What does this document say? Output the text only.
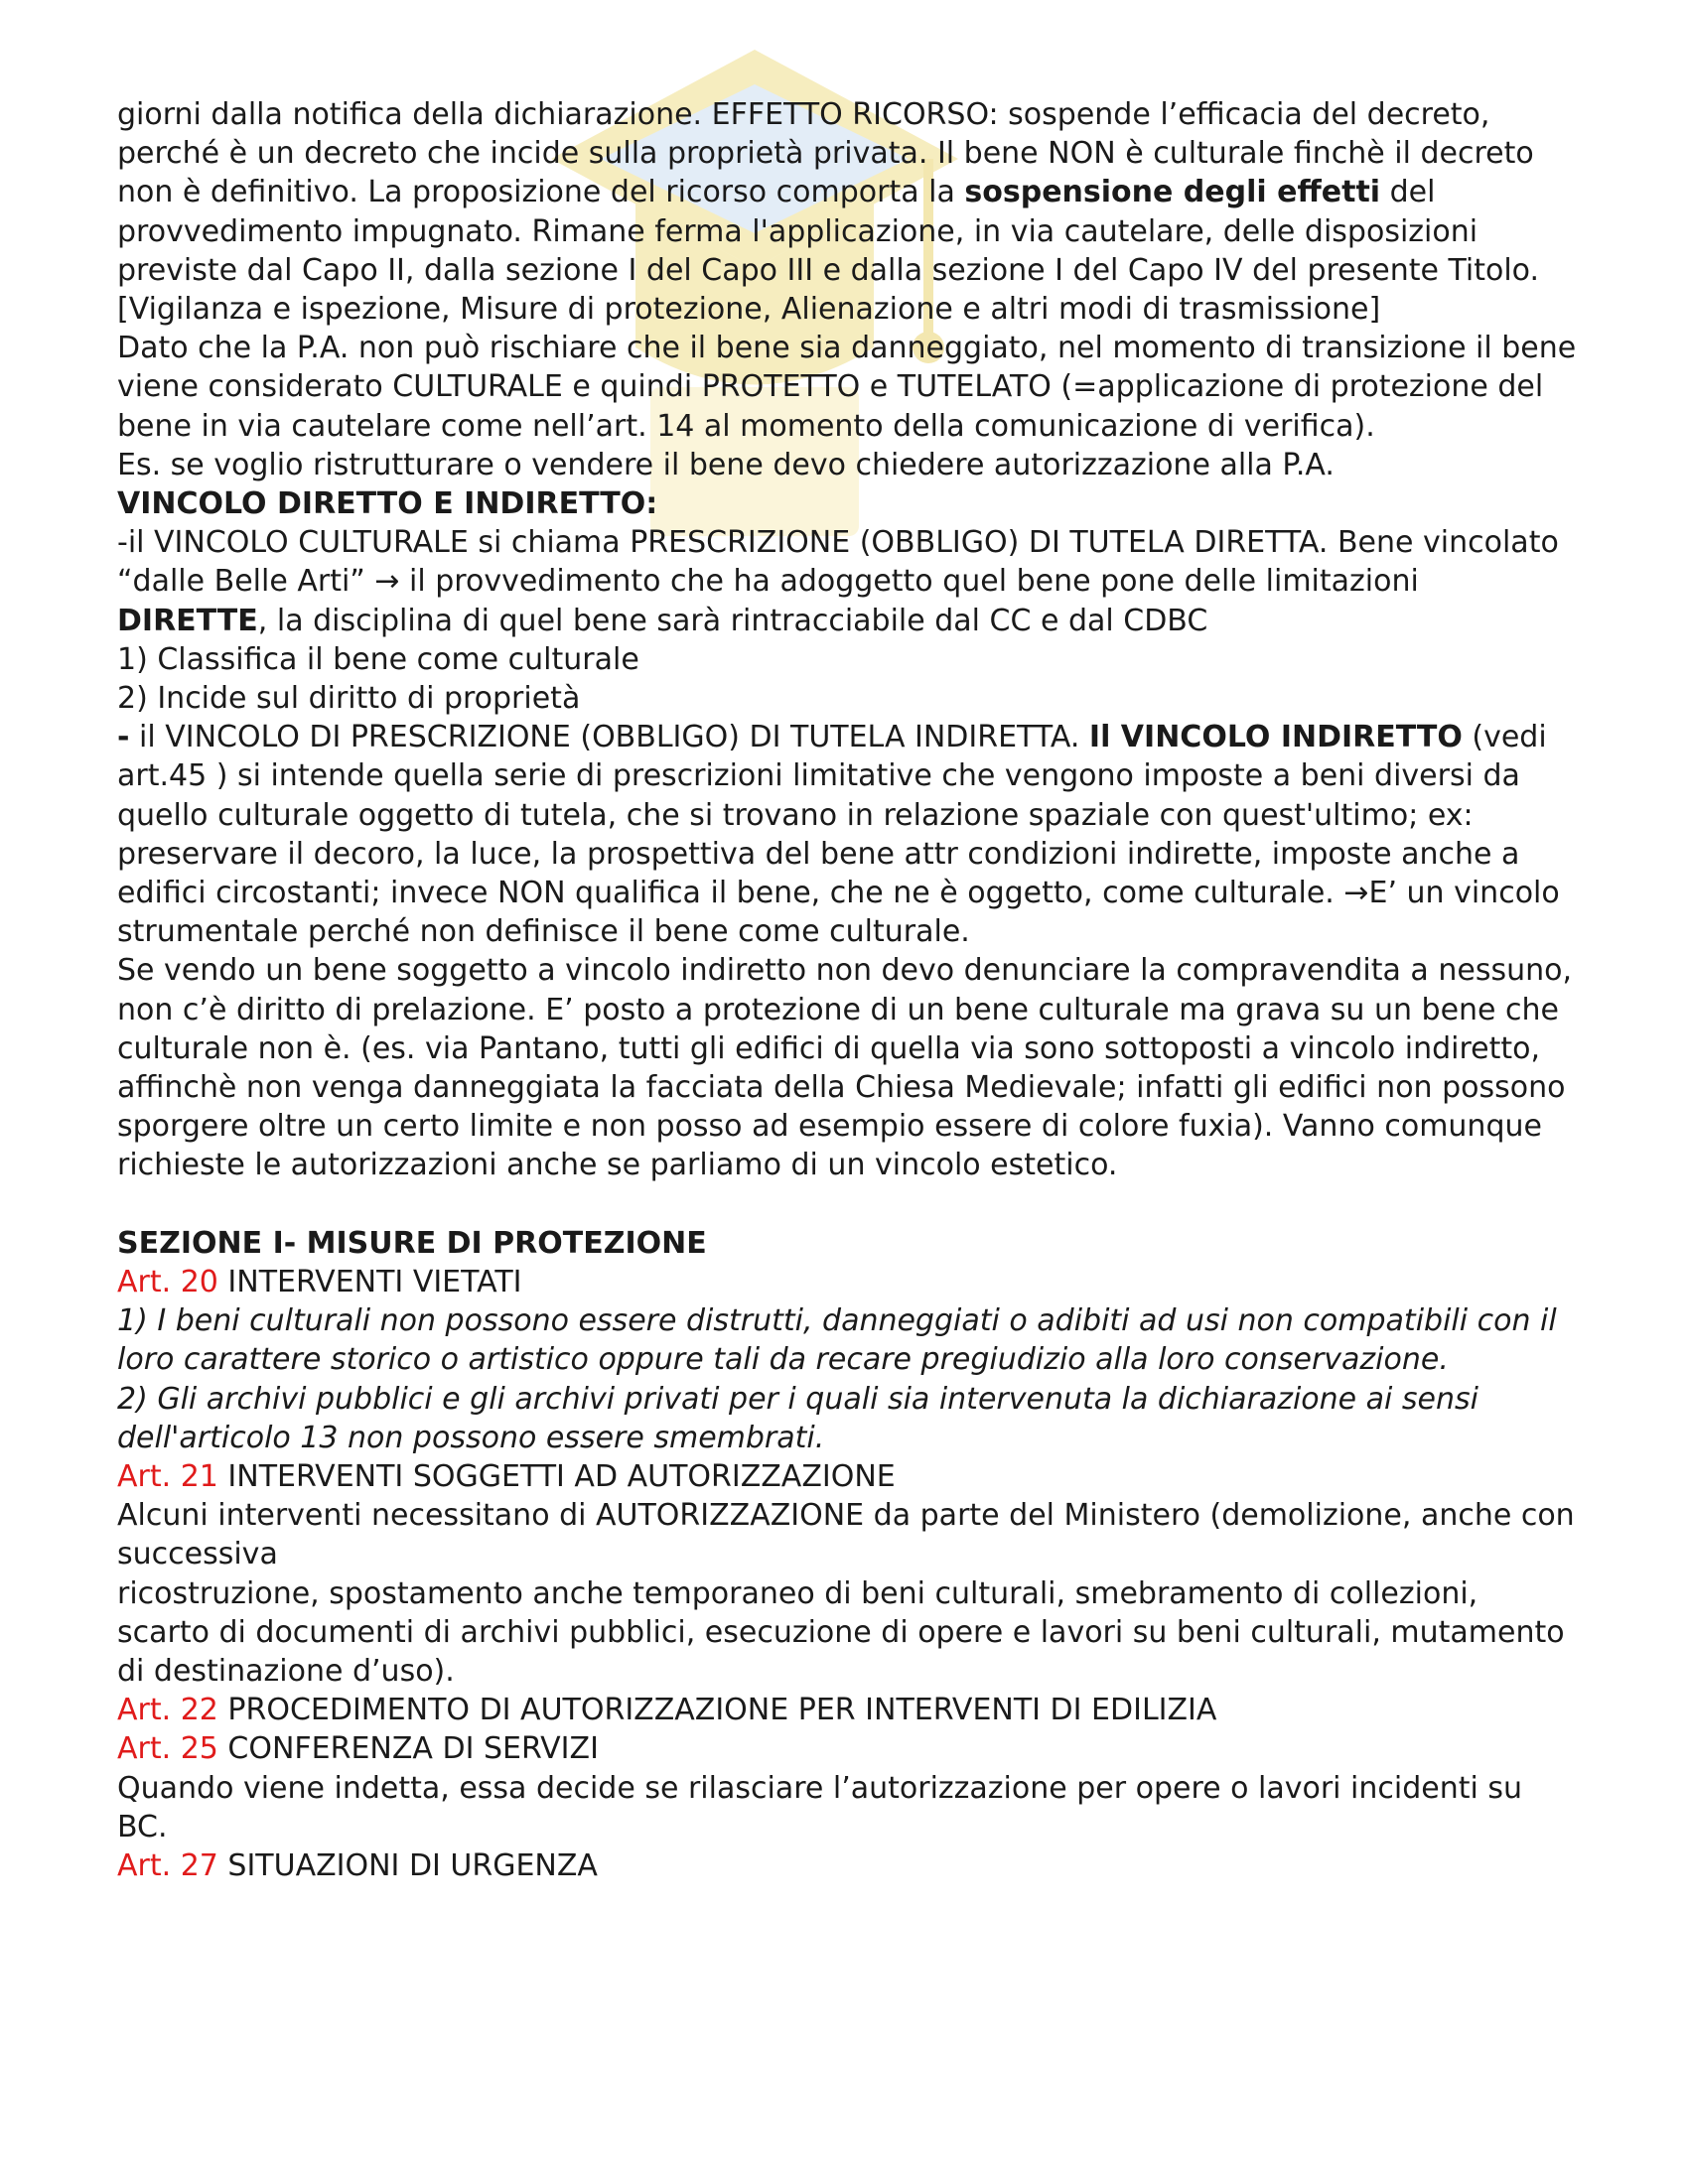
giorni dalla notifica della dichiarazione. EFFETTO RICORSO: sospende l’efficacia del decreto, perché è un decreto che incide sulla proprietà privata. Il bene NON è culturale finchè il decreto non è definitivo. La proposizione del ricorso comporta la sospensione degli effetti del provvedimento impugnato. Rimane ferma l'applicazione, in via cautelare, delle disposizioni previste dal Capo II, dalla sezione I del Capo III e dalla sezione I del Capo IV del presente Titolo.

[Vigilanza e ispezione, Misure di protezione, Alienazione e altri modi di trasmissione]

Dato che la P.A. non può rischiare che il bene sia danneggiato, nel momento di transizione il bene viene considerato CULTURALE e quindi PROTETTO e TUTELATO (=applicazione di protezione del bene in via cautelare come nell’art. 14 al momento della comunicazione di verifica).

Es. se voglio ristrutturare o vendere il bene devo chiedere autorizzazione alla P.A.

VINCOLO DIRETTO E INDIRETTO:

-il VINCOLO CULTURALE si chiama PRESCRIZIONE (OBBLIGO) DI TUTELA DIRETTA. Bene vincolato “dalle Belle Arti” → il provvedimento che ha adoggetto quel bene pone delle limitazioni DIRETTE, la disciplina di quel bene sarà rintracciabile dal CC e dal CDBC

1) Classifica il bene come culturale

2) Incide sul diritto di proprietà

- il VINCOLO DI PRESCRIZIONE (OBBLIGO) DI TUTELA INDIRETTA. Il VINCOLO INDIRETTO (vedi art.45 ) si intende quella serie di prescrizioni limitative che vengono imposte a beni diversi da quello culturale oggetto di tutela, che si trovano in relazione spaziale con quest'ultimo; ex: preservare il decoro, la luce, la prospettiva del bene attr condizioni indirette, imposte anche a edifici circostanti; invece NON qualifica il bene, che ne è oggetto, come culturale. →E’ un vincolo strumentale perché non definisce il bene come culturale.

Se vendo un bene soggetto a vincolo indiretto non devo denunciare la compravendita a nessuno, non c’è diritto di prelazione. E’ posto a protezione di un bene culturale ma grava su un bene che culturale non è. (es. via Pantano, tutti gli edifici di quella via sono sottoposti a vincolo indiretto, affinchè non venga danneggiata la facciata della Chiesa Medievale; infatti gli edifici non possono sporgere oltre un certo limite e non posso ad esempio essere di colore fuxia). Vanno comunque richieste le autorizzazioni anche se parliamo di un vincolo estetico.

SEZIONE I- MISURE DI PROTEZIONE

Art. 20 INTERVENTI VIETATI

1) I beni culturali non possono essere distrutti, danneggiati o adibiti ad usi non compatibili con il loro carattere storico o artistico oppure tali da recare pregiudizio alla loro conservazione.

2) Gli archivi pubblici e gli archivi privati per i quali sia intervenuta la dichiarazione ai sensi dell'articolo 13 non possono essere smembrati.

Art. 21 INTERVENTI SOGGETTI AD AUTORIZZAZIONE

Alcuni interventi necessitano di AUTORIZZAZIONE da parte del Ministero (demolizione, anche con successiva

ricostruzione, spostamento anche temporaneo di beni culturali, smebramento di collezioni, scarto di documenti di archivi pubblici, esecuzione di opere e lavori su beni culturali, mutamento di destinazione d’uso).

Art. 22 PROCEDIMENTO DI AUTORIZZAZIONE PER INTERVENTI DI EDILIZIA

Art. 25 CONFERENZA DI SERVIZI

Quando viene indetta, essa decide se rilasciare l’autorizzazione per opere o lavori incidenti su BC.

Art. 27 SITUAZIONI DI URGENZA
